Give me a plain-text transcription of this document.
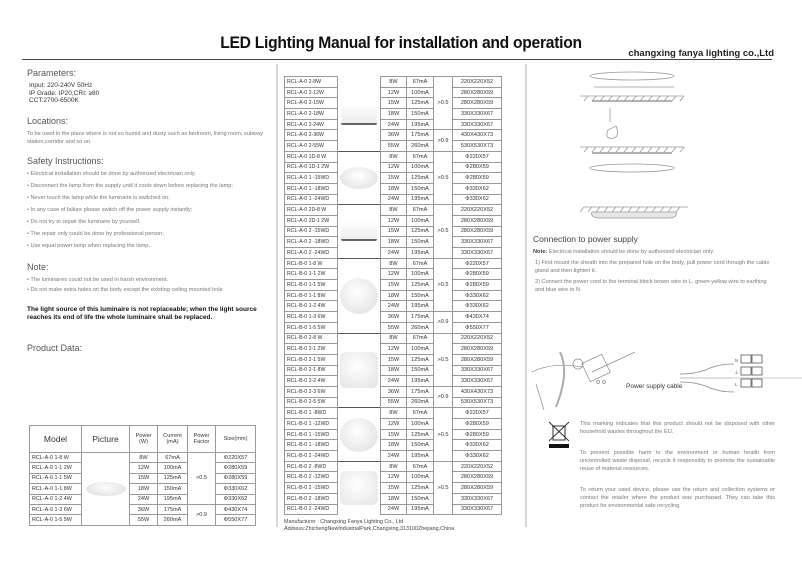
LED Lighting Manual for installation and operation
changxing fanya lighting co.,Ltd
Parameters:
Input: 220-240V 50Hz
IP Grade: IP20,CRI: ≥80
CCT:2700-6500K
Locations:
To be used in the place where is not so humid and dusty such as bedroom, living room, subway station,corridor and so on.
Safety Instructions:
• Electrical installation should be done by authorized electrician only.
• Disconnect the lamp from the supply until it cools down before replacing the lamp;
• Never touch the lamp while the luminaire is switched on;
• In any case of failure please switch off the power supply instantly;
• Do not try to repair the luminaire by yourself.
• The repair only could be done by professional person;
• Use equal power lamp when replacing the lamp.
Note:
• The luminaires could not be used in harsh environment.
• Do not make extra holes on the body except the existing ceiling mounted hole
The light source of this luminaire is not replaceable; when the light source reaches its end of life the whole luminaire shall be replaced.
Product Data:
Model	Picture	Power (W)	Current (mA)	Power Factor	Size(mm)
RCL-A-0 1-8 W		8W	67mA	>0.5	Φ220X57
RCL-A-0 1-1 2W		12W	100mA		Φ280X59
RCL-A-0 1-1 5W		15W	125mA		Φ280X59
RCL-A-0 1-1 8W		18W	150mA		Φ330X62
RCL-A-0 1-2 4W		24W	195mA		Φ330X62
RCL-A-0 1-3 6W		36W	175mA	>0.9	Φ430X74
RCL-A-0 1-5 5W		55W	260mA		Φ550X77
RCL-A-0 2-8W		8W	67mA	>0.5	220X220X52
RCL-A-0 2-12W		12W	100mA		280X280X59
RCL-A-0 2-15W		15W	125mA		280X280X59
RCL-A-0 2-18W		18W	150mA		330X330X67
RCL-A-0 2-24W		24W	195mA		330X330X67
RCL-A-0 2-36W		36W	175mA	>0.9	430X430X73
RCL-A-0 2-55W		55W	260mA		530X530X73
RCL-A-0 1D-8 W		8W	67mA	>0.5	Φ220X57
RCL-A-0 1D-1 2W		12W	100mA		Φ280X59
RCL-A-0 1 -15WD		15W	125mA		Φ280X59
RCL-A-0 1 -18WD		18W	150mA		Φ330X62
RCL-A-0 1 -24WD		24W	195mA		Φ330X62
RCL-A-0 2D-8 W		8W	67mA	>0.5	220X220X52
RCL-A-0 2D-1 2W		12W	100mA		280X280X59
RCL-A-0 2 -15WD		15W	125mA		280X280X59
RCL-A-0 2 -18WD		18W	150mA		330X330X67
RCL-A-0 2 -24WD		24W	195mA		330X330X67
RCL-B-0 1-8 W		8W	67mA	>0.5	Φ220X57
RCL-B-0 1-1 2W		12W	100mA		Φ280X59
RCL-B-0 1-1 5W		15W	125mA		Φ280X59
RCL-B-0 1-1 8W		18W	150mA		Φ330X62
RCL-B-0 1-2 4W		24W	195mA		Φ330X62
RCL-B-0 1-3 6W		36W	175mA	>0.9	Φ430X74
RCL-B-0 1-5 5W		55W	260mA		Φ550X77
RCL-B-0 2-8 W		8W	67mA	>0.5	220X220X52
RCL-B-0 2-1 2W		12W	100mA		280X280X59
RCL-B-0 2-1 5W		15W	125mA		280X280X59
RCL-B-0 2-1 8W		18W	150mA		330X330X67
RCL-B-0 2-2 4W		24W	195mA		330X330X67
RCL-B-0 2-3 6W		36W	175mA	>0.9	430X430X73
RCL-B-0 2-5 5W		55W	260mA		530X530X73
RCL-B-0 1 -8WD		8W	67mA	>0.5	Φ220X57
RCL-B-0 1 -12WD		12W	100mA		Φ280X59
RCL-B-0 1 -15WD		15W	125mA		Φ280X59
RCL-B-0 1 -18WD		18W	150mA		Φ330X62
RCL-B-0 2 -24WD		24W	195mA		Φ330X62
RCL-B-0 2 -8WD		8W	67mA	>0.5	220X220X52
RCL-B-0 2 -12WD		12W	100mA		280X280X59
RCL-B-0 2 -15WD		15W	125mA		280X280X59
RCL-B-0 2 -18WD		18W	150mA		330X330X67
RCL-B-0 2 -24WD		24W	195mA		330X330X67
Manufacturer : Changxing Fanya Lighting Co., Ltd
Address:ZhichengNewIndustrialPark,Changxing,313100Zhejiang,China
Connection to power supply
Note: Electrical installation should be done by authorized electrician only.
1) First mount the sheath into the prepared hole on the body, pull power cord through the cable gland and then tighten it.
2) Connect the power cord to the terminal block brown wire to L, green-yellow wire to earthing and blue wire to N
N
⏚
L
Power supply cable
This marking indicates that this product should not be disposed with other household wastes throughout the EU.
To prevent possible harm to the environment or human health from uncontrolled waste disposal, recycle it responsibly to promote the sustainable reuse of material resources.
To return your used device, please use the return and collection systems or contact the retailer where the product was purchased. They can take this product for environmental safe recycling.
